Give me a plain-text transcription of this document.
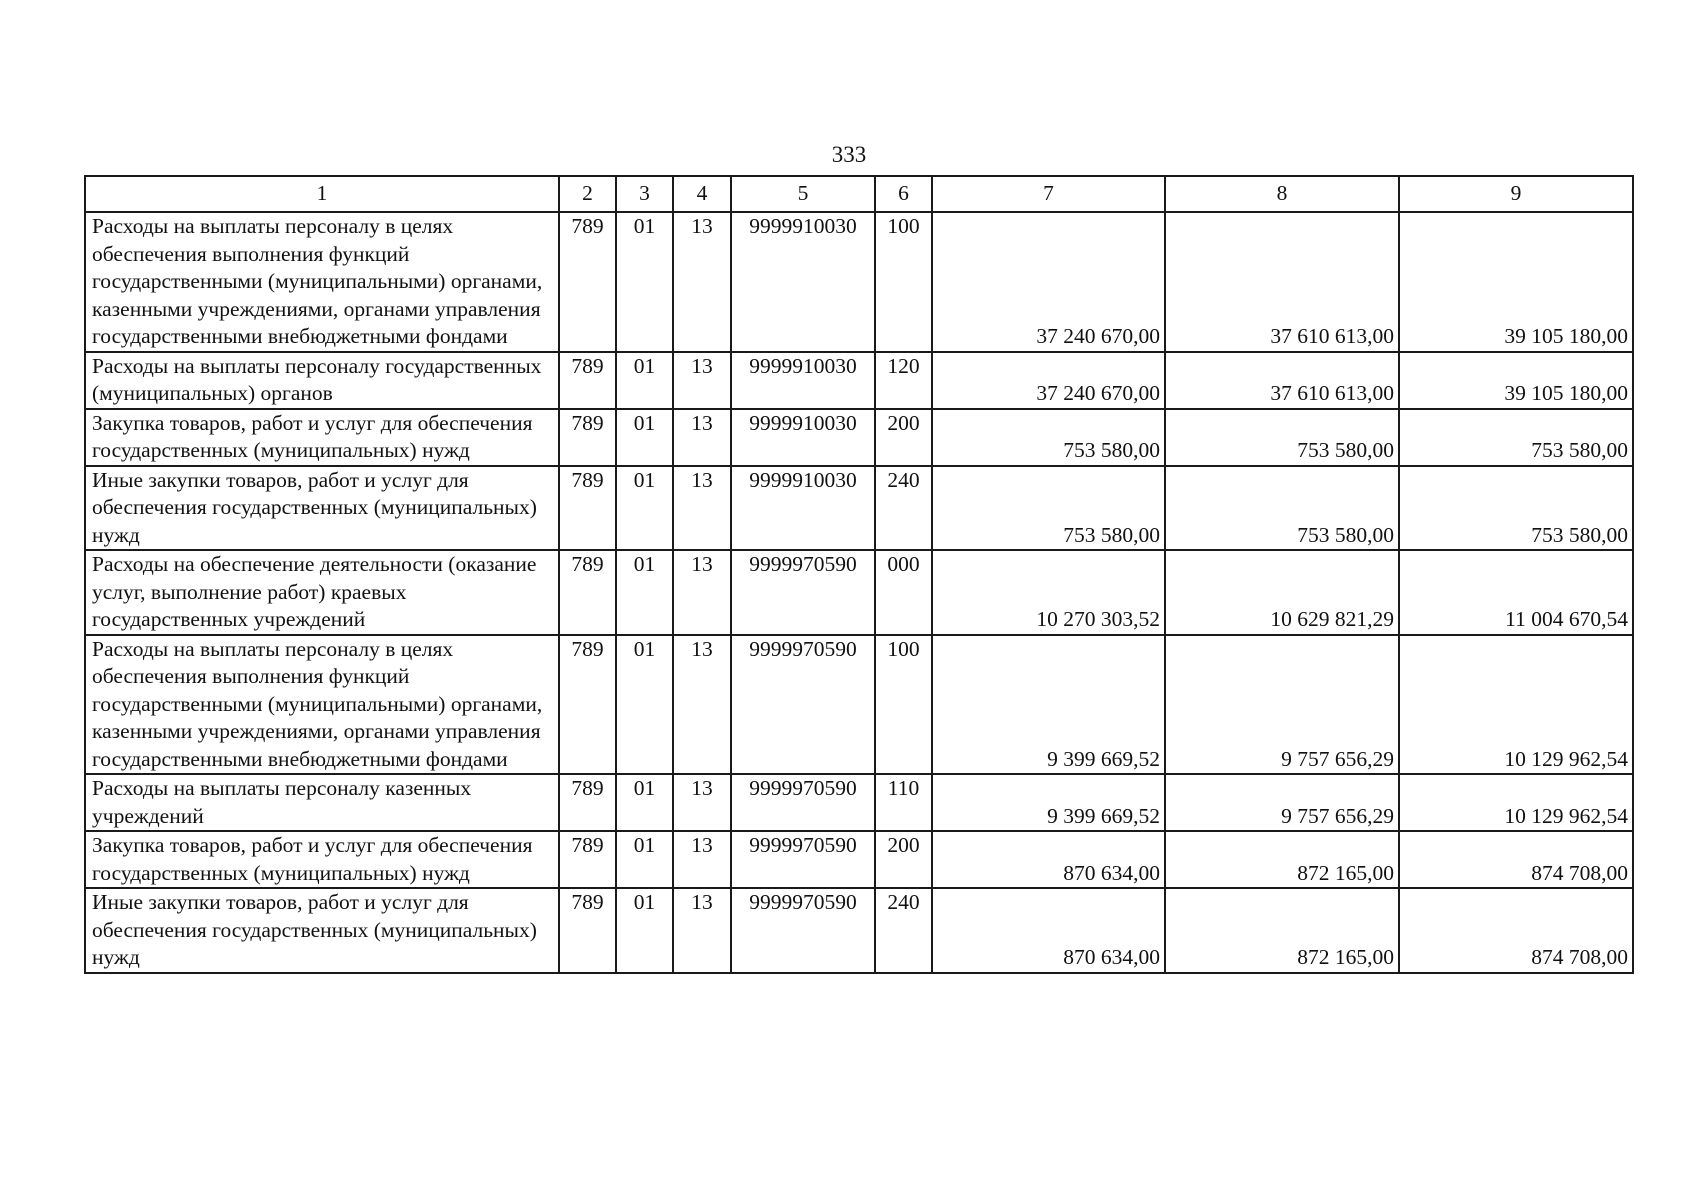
333
1	2	3	4	5	6	7	8	9
Расходы на выплаты персоналу в целях обеспечения выполнения функций государственными (муниципальными) органами, казенными учреждениями, органами управления государственными внебюджетными фондами	789	01	13	9999910030	100	37 240 670,00	37 610 613,00	39 105 180,00
Расходы на выплаты персоналу государственных (муниципальных) органов	789	01	13	9999910030	120	37 240 670,00	37 610 613,00	39 105 180,00
Закупка товаров, работ и услуг для обеспечения государственных (муниципальных) нужд	789	01	13	9999910030	200	753 580,00	753 580,00	753 580,00
Иные закупки товаров, работ и услуг для обеспечения государственных (муниципальных) нужд	789	01	13	9999910030	240	753 580,00	753 580,00	753 580,00
Расходы на обеспечение деятельности (оказание услуг, выполнение работ) краевых государственных учреждений	789	01	13	9999970590	000	10 270 303,52	10 629 821,29	11 004 670,54
Расходы на выплаты персоналу в целях обеспечения выполнения функций государственными (муниципальными) органами, казенными учреждениями, органами управления государственными внебюджетными фондами	789	01	13	9999970590	100	9 399 669,52	9 757 656,29	10 129 962,54
Расходы на выплаты персоналу казенных учреждений	789	01	13	9999970590	110	9 399 669,52	9 757 656,29	10 129 962,54
Закупка товаров, работ и услуг для обеспечения государственных (муниципальных) нужд	789	01	13	9999970590	200	870 634,00	872 165,00	874 708,00
Иные закупки товаров, работ и услуг для обеспечения государственных (муниципальных) нужд	789	01	13	9999970590	240	870 634,00	872 165,00	874 708,00
